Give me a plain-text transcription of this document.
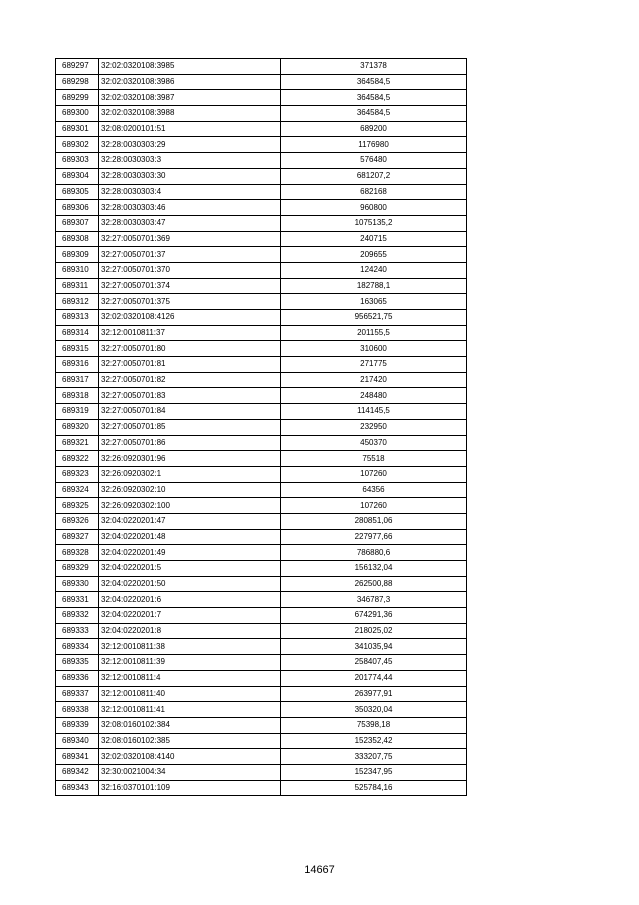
689297	32:02:0320108:3985	371378
689298	32:02:0320108:3986	364584,5
689299	32:02:0320108:3987	364584,5
689300	32:02:0320108:3988	364584,5
689301	32:08:0200101:51	689200
689302	32:28:0030303:29	1176980
689303	32:28:0030303:3	576480
689304	32:28:0030303:30	681207,2
689305	32:28:0030303:4	682168
689306	32:28:0030303:46	960800
689307	32:28:0030303:47	1075135,2
689308	32:27:0050701:369	240715
689309	32:27:0050701:37	209655
689310	32:27:0050701:370	124240
689311	32:27:0050701:374	182788,1
689312	32:27:0050701:375	163065
689313	32:02:0320108:4126	956521,75
689314	32:12:0010811:37	201155,5
689315	32:27:0050701:80	310600
689316	32:27:0050701:81	271775
689317	32:27:0050701:82	217420
689318	32:27:0050701:83	248480
689319	32:27:0050701:84	114145,5
689320	32:27:0050701:85	232950
689321	32:27:0050701:86	450370
689322	32:26:0920301:96	75518
689323	32:26:0920302:1	107260
689324	32:26:0920302:10	64356
689325	32:26:0920302:100	107260
689326	32:04:0220201:47	280851,06
689327	32:04:0220201:48	227977,66
689328	32:04:0220201:49	786880,6
689329	32:04:0220201:5	156132,04
689330	32:04:0220201:50	262500,88
689331	32:04:0220201:6	346787,3
689332	32:04:0220201:7	674291,36
689333	32:04:0220201:8	218025,02
689334	32:12:0010811:38	341035,94
689335	32:12:0010811:39	258407,45
689336	32:12:0010811:4	201774,44
689337	32:12:0010811:40	263977,91
689338	32:12:0010811:41	350320,04
689339	32:08:0160102:384	75398,18
689340	32:08:0160102:385	152352,42
689341	32:02:0320108:4140	333207,75
689342	32:30:0021004:34	152347,95
689343	32:16:0370101:109	525784,16
14667
